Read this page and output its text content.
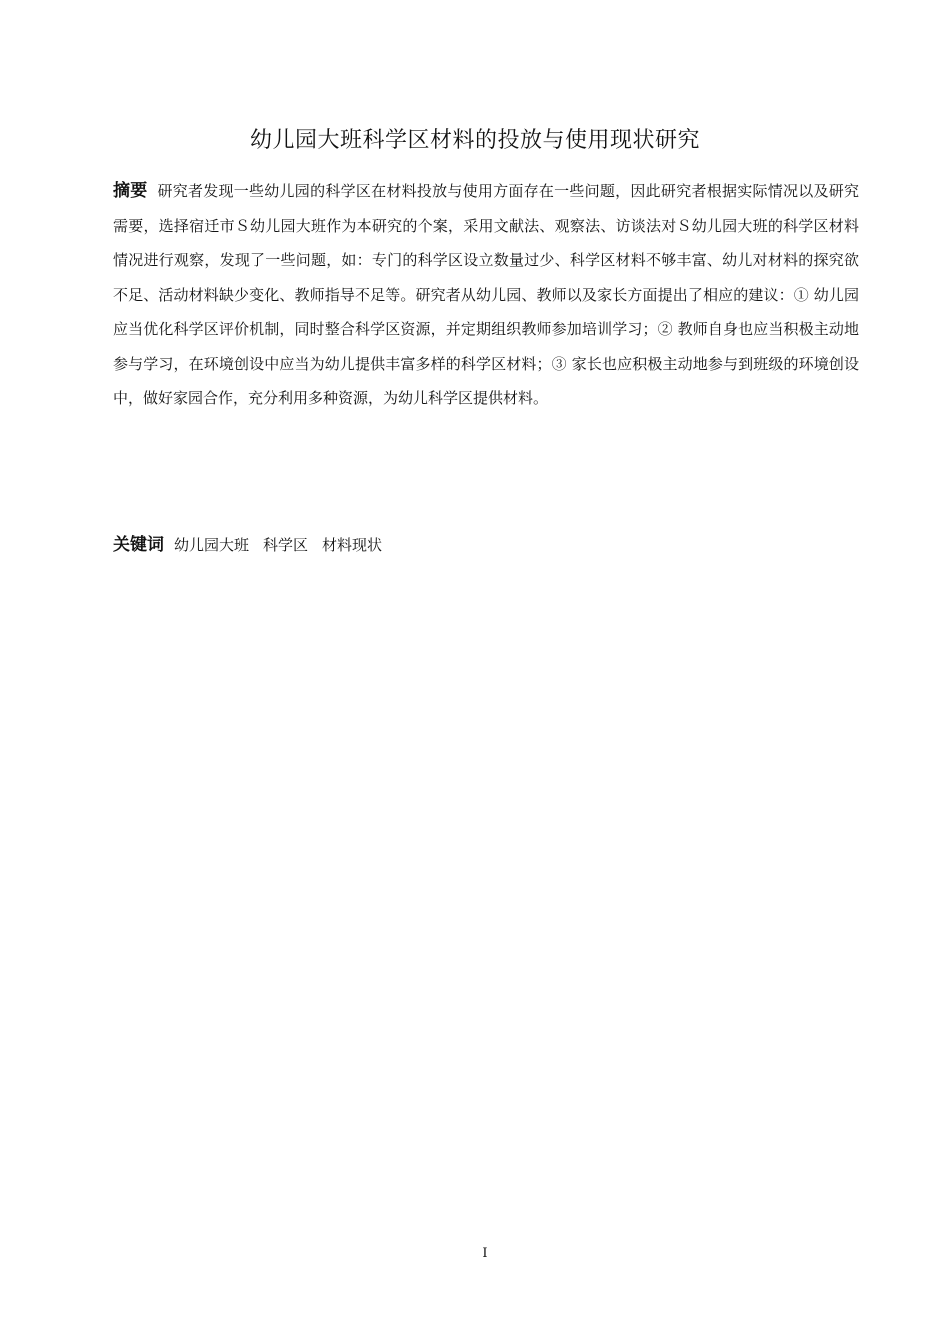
幼儿园大班科学区材料的投放与使用现状研究

摘要 研究者发现一些幼儿园的科学区在材料投放与使用方面存在一些问题，因此研究者根据实际情况以及研究需要，选择宿迁市Ｓ幼儿园大班作为本研究的个案，采用文献法、观察法、访谈法对Ｓ幼儿园大班的科学区材料情况进行观察，发现了一些问题，如：专门的科学区设立数量过少、科学区材料不够丰富、幼儿对材料的探究欲不足、活动材料缺少变化、教师指导不足等。研究者从幼儿园、教师以及家长方面提出了相应的建议：① 幼儿园应当优化科学区评价机制，同时整合科学区资源，并定期组织教师参加培训学习；② 教师自身也应当积极主动地参与学习，在环境创设中应当为幼儿提供丰富多样的科学区材料；③ 家长也应积极主动地参与到班级的环境创设中，做好家园合作，充分利用多种资源，为幼儿科学区提供材料。

关键词 幼儿园大班 科学区 材料现状

I
